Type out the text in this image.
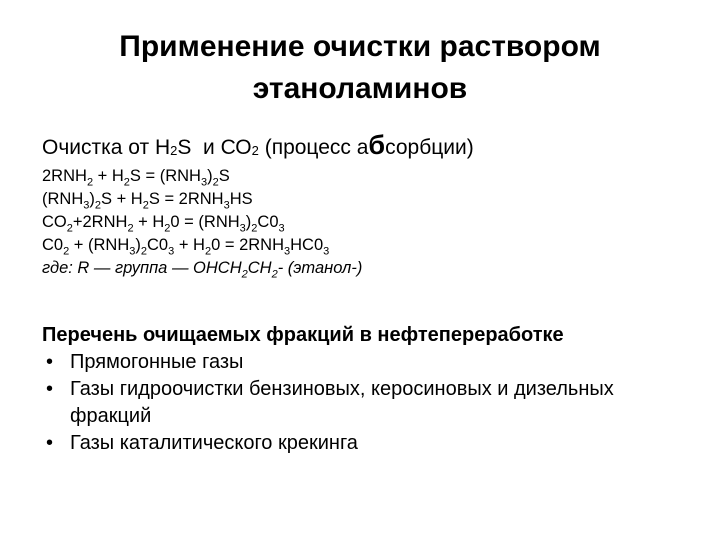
Применение очистки раствором
этаноламинов
Очистка от $Н_2S$  и $СО_2$ (процесс абсорбции)
$2RNH_2 + H_2S = (RNH_3)_2S$
$(RNH_3)_2S + H_2S = 2RNH_3HS$
$CO_2+2RNH_2 + H_20 = (RNH_3)_2C0_3$
$C0_2 + (RNH_3)_2C0_3 + H_20 = 2RNH_3HC0_3$
где: R — группа — $ОНСН_2СН_2-$ (этанол-)
Перечень очищаемых фракций в нефтепереработке
• Прямогонные газы
• Газы гидроочистки бензиновых, керосиновых и дизельных фракций
• Газы каталитического крекинга
